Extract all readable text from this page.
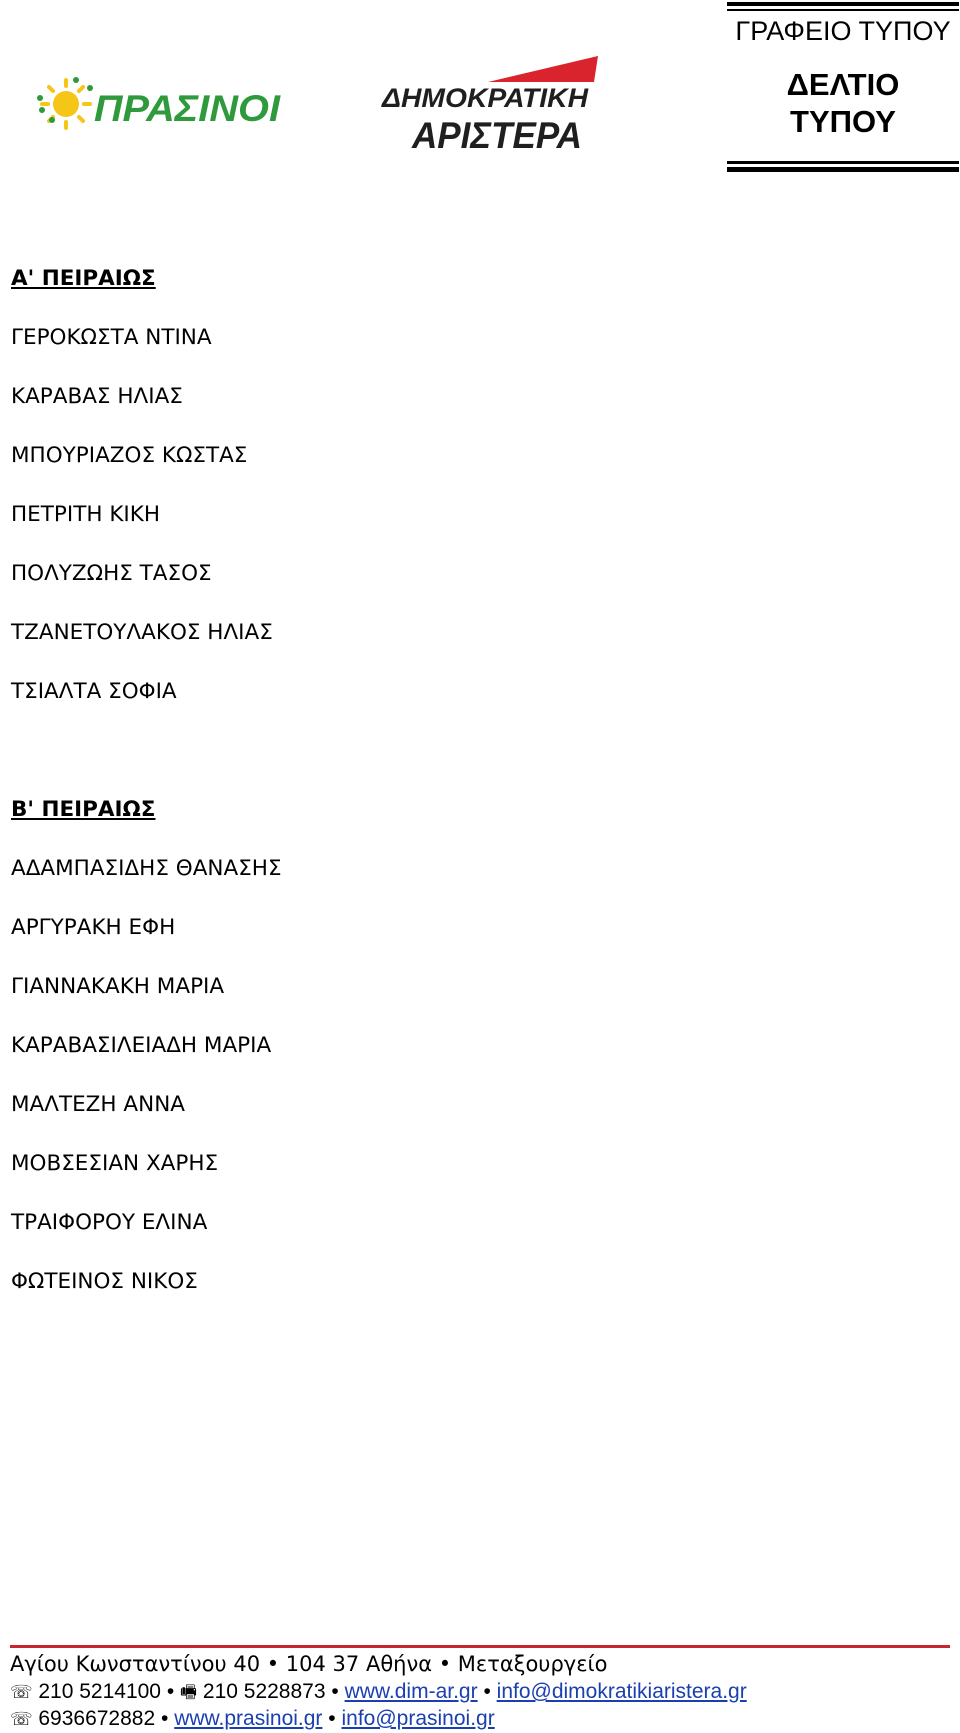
ΠΡΑΣΙΝΟΙ	ΔΗΜΟΚΡΑΤΙΚΗ
ΑΡΙΣΤΕΡΑ
ΓΡΑΦΕΙΟ ΤΥΠΟΥ
ΔΕΛΤΙΟ
ΤΥΠΟΥ
Α' ΠΕΙΡΑΙΩΣ
ΓΕΡΟΚΩΣΤΑ ΝΤΙΝΑ
ΚΑΡΑΒΑΣ ΗΛΙΑΣ
ΜΠΟΥΡΙΑΖΟΣ ΚΩΣΤΑΣ
ΠΕΤΡΙΤΗ ΚΙΚΗ
ΠΟΛΥΖΩΗΣ ΤΑΣΟΣ
ΤΖΑΝΕΤΟΥΛΑΚΟΣ ΗΛΙΑΣ
ΤΣΙΑΛΤΑ ΣΟΦΙΑ
Β' ΠΕΙΡΑΙΩΣ
ΑΔΑΜΠΑΣΙΔΗΣ ΘΑΝΑΣΗΣ
ΑΡΓΥΡΑΚΗ ΕΦΗ
ΓΙΑΝΝΑΚΑΚΗ ΜΑΡΙΑ
ΚΑΡΑΒΑΣΙΛΕΙΑΔΗ ΜΑΡΙΑ
ΜΑΛΤΕΖΗ ΑΝΝΑ
ΜΟΒΣΕΣΙΑΝ ΧΑΡΗΣ
ΤΡΑΙΦΟΡΟΥ ΕΛΙΝΑ
ΦΩΤΕΙΝΟΣ ΝΙΚΟΣ
Αγίου Κωνσταντίνου 40 • 104 37 Αθήνα • Μεταξουργείο
☏ 210 5214100 • 🖷 210 5228873 • www.dim-ar.gr • info@dimokratikiaristera.gr
☏ 6936672882 • www.prasinoi.gr • info@prasinoi.gr
